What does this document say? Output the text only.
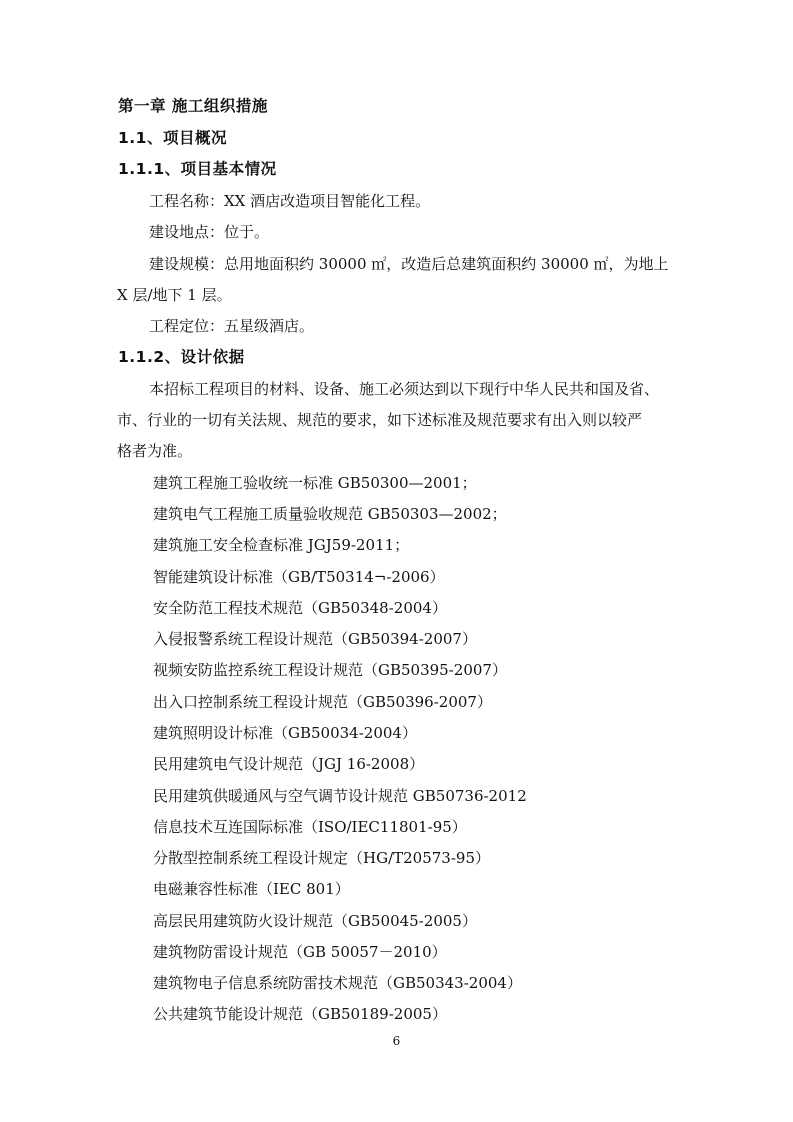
第一章 施工组织措施
1.1、项目概况
1.1.1、项目基本情况
工程名称：XX 酒店改造项目智能化工程。
建设地点：位于。
建设规模：总用地面积约 30000 ㎡，改造后总建筑面积约 30000 ㎡，为地上
X 层/地下 1 层。
工程定位：五星级酒店。
1.1.2、设计依据
本招标工程项目的材料、设备、施工必须达到以下现行中华人民共和国及省、
市、行业的一切有关法规、规范的要求，如下述标准及规范要求有出入则以较严
格者为准。
建筑工程施工验收统一标准 GB50300—2001；
建筑电气工程施工质量验收规范 GB50303—2002；
建筑施工安全检查标准 JGJ59-2011；
智能建筑设计标准（GB/T50314¬-2006）
安全防范工程技术规范（GB50348-2004）
入侵报警系统工程设计规范（GB50394-2007）
视频安防监控系统工程设计规范（GB50395-2007）
出入口控制系统工程设计规范（GB50396-2007）
建筑照明设计标准（GB50034-2004）
民用建筑电气设计规范（JGJ 16-2008）
民用建筑供暖通风与空气调节设计规范 GB50736-2012
信息技术互连国际标准（ISO/IEC11801-95）
分散型控制系统工程设计规定（HG/T20573-95）
电磁兼容性标准（IEC 801）
高层民用建筑防火设计规范（GB50045-2005）
建筑物防雷设计规范（GB 50057－2010）
建筑物电子信息系统防雷技术规范（GB50343-2004）
公共建筑节能设计规范（GB50189-2005）
6
